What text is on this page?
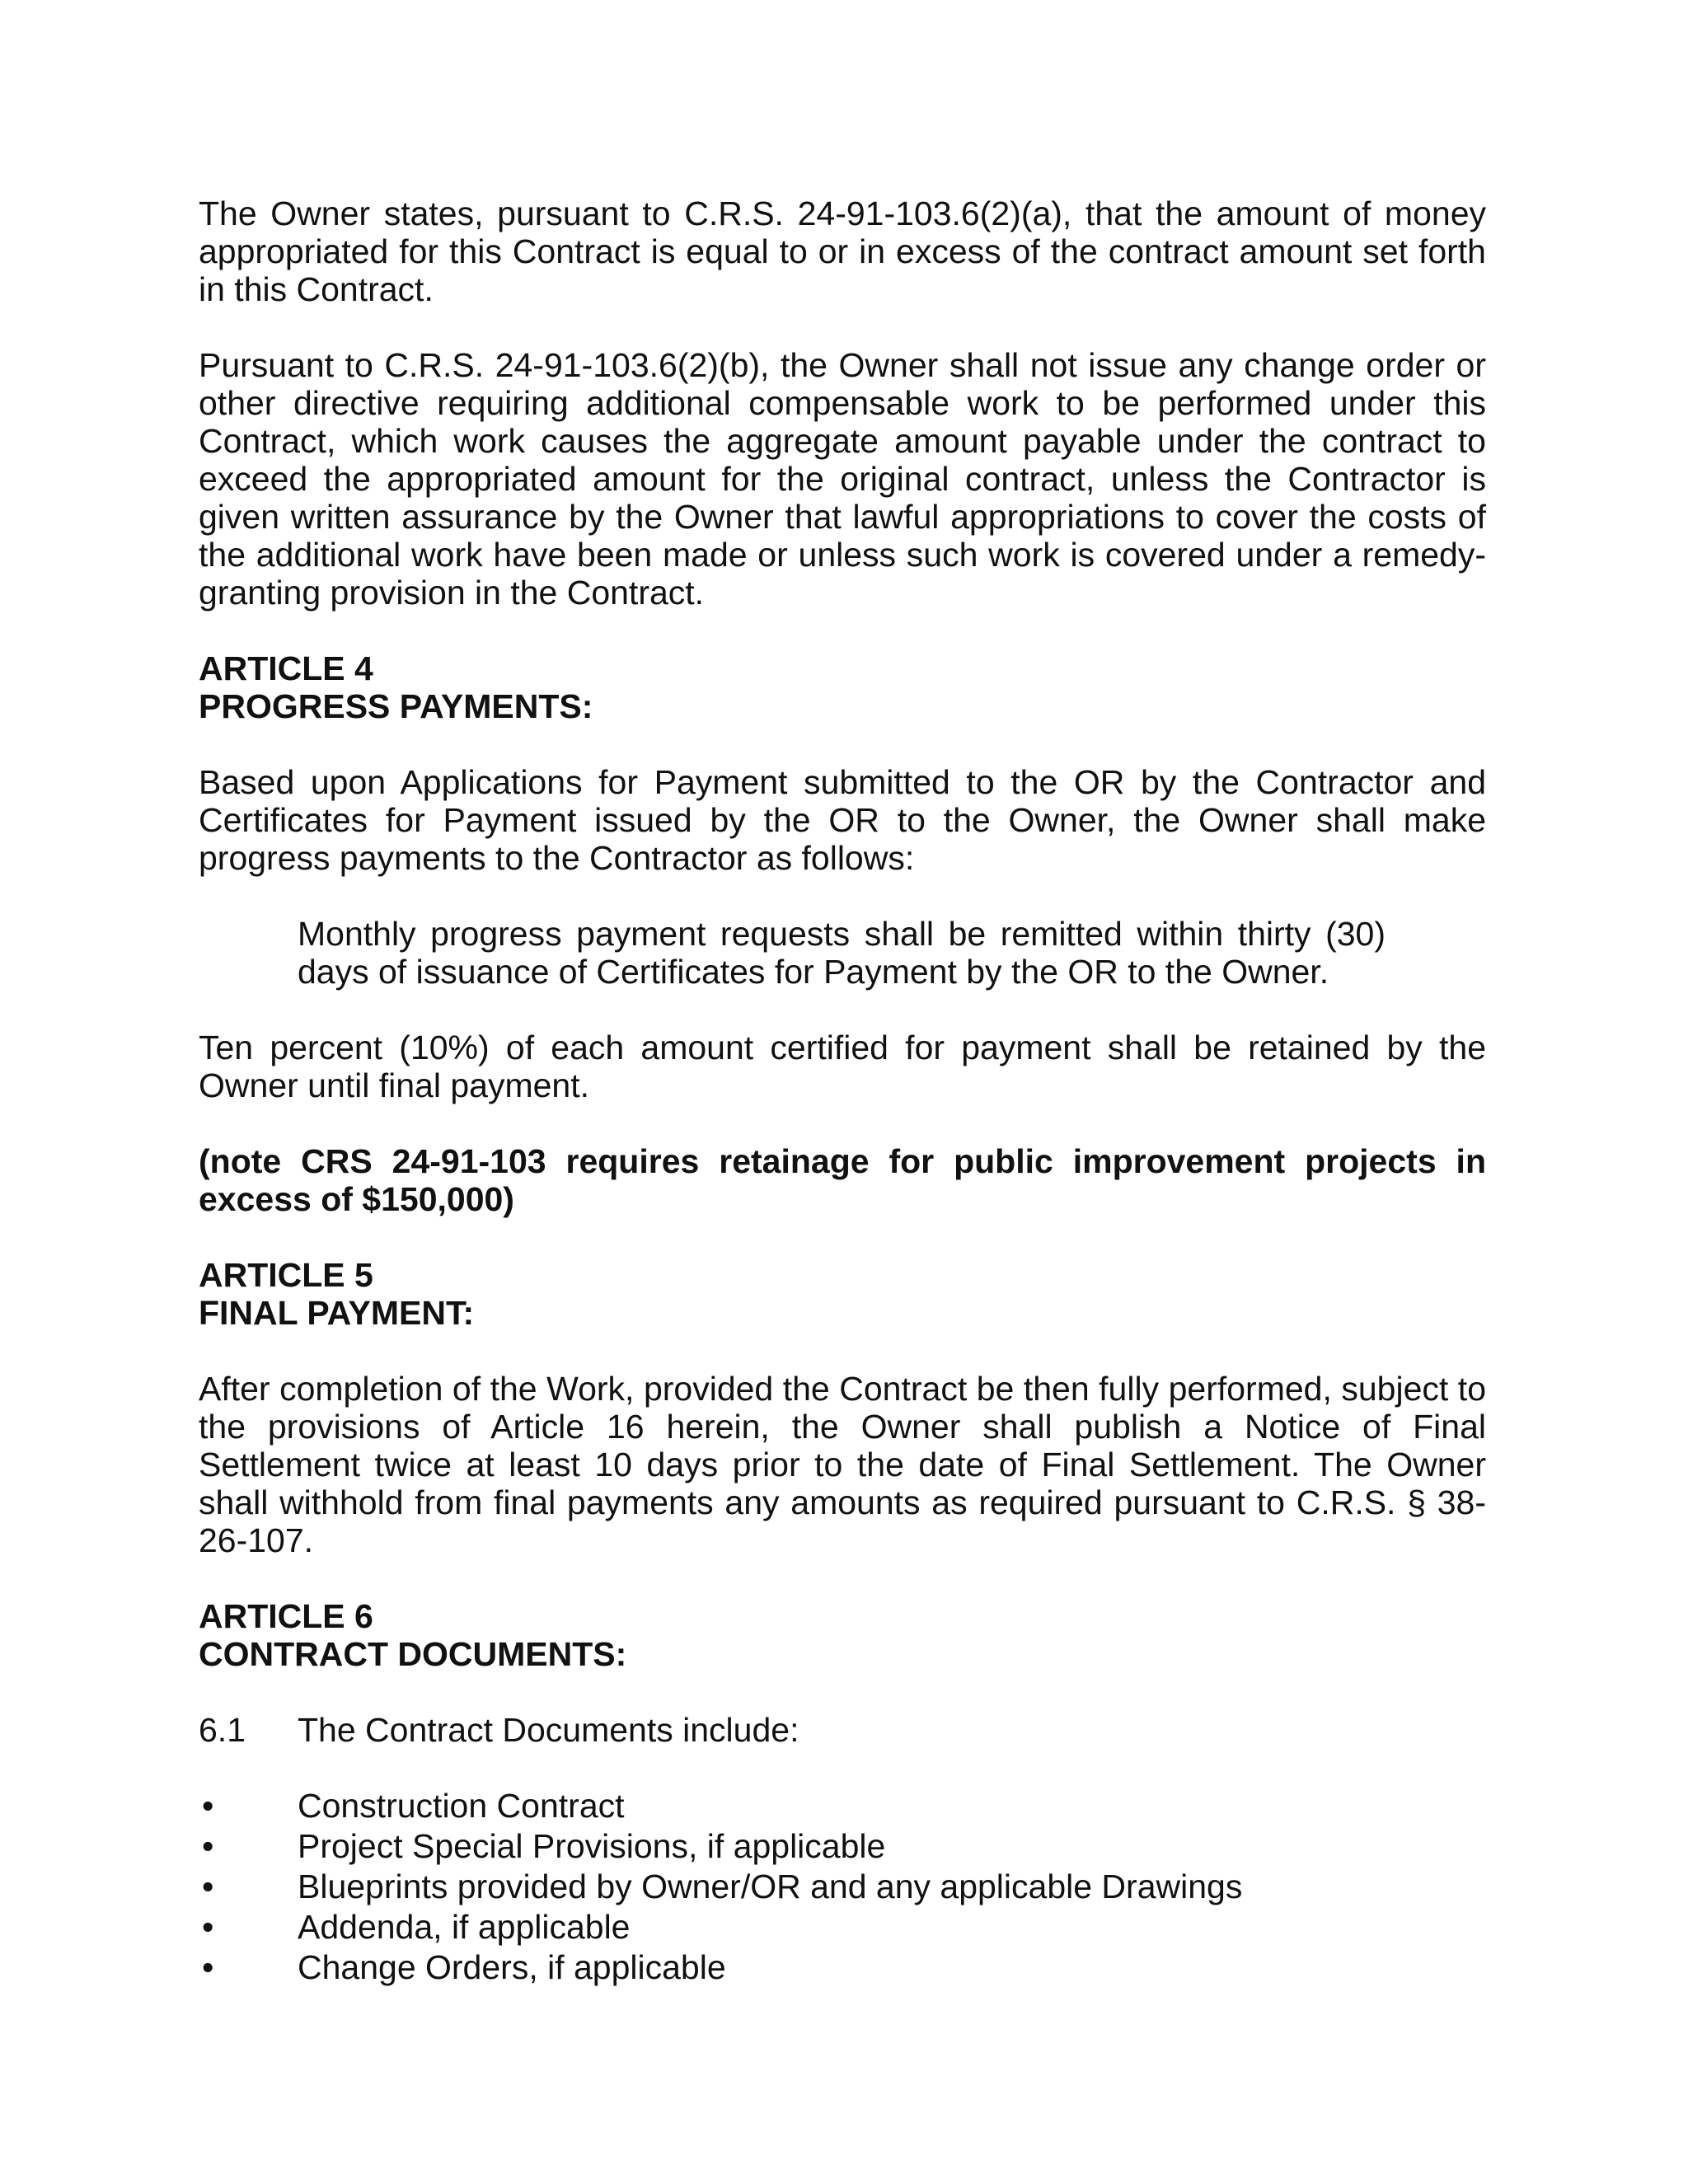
The Owner states, pursuant to C.R.S. 24-91-103.6(2)(a), that the amount of money appropriated for this Contract is equal to or in excess of the contract amount set forth in this Contract.

Pursuant to C.R.S. 24-91-103.6(2)(b), the Owner shall not issue any change order or other directive requiring additional compensable work to be performed under this Contract, which work causes the aggregate amount payable under the contract to exceed the appropriated amount for the original contract, unless the Contractor is given written assurance by the Owner that lawful appropriations to cover the costs of the additional work have been made or unless such work is covered under a remedy-granting provision in the Contract.

ARTICLE 4

PROGRESS PAYMENTS:

Based upon Applications for Payment submitted to the OR by the Contractor and Certificates for Payment issued by the OR to the Owner, the Owner shall make progress payments to the Contractor as follows:

Monthly progress payment requests shall be remitted within thirty (30) days of issuance of Certificates for Payment by the OR to the Owner.

Ten percent (10%) of each amount certified for payment shall be retained by the Owner until final payment.

(note CRS 24-91-103 requires retainage for public improvement projects in excess of $150,000)

ARTICLE 5

FINAL PAYMENT:

After completion of the Work, provided the Contract be then fully performed, subject to the provisions of Article 16 herein, the Owner shall publish a Notice of Final Settlement twice at least 10 days prior to the date of Final Settlement. The Owner shall withhold from final payments any amounts as required pursuant to C.R.S. § 38-26-107.

ARTICLE 6

CONTRACT DOCUMENTS:

6.1	The Contract Documents include:
•	Construction Contract
•	Project Special Provisions, if applicable
•	Blueprints provided by Owner/OR and any applicable Drawings
•	Addenda, if applicable
•	Change Orders, if applicable
